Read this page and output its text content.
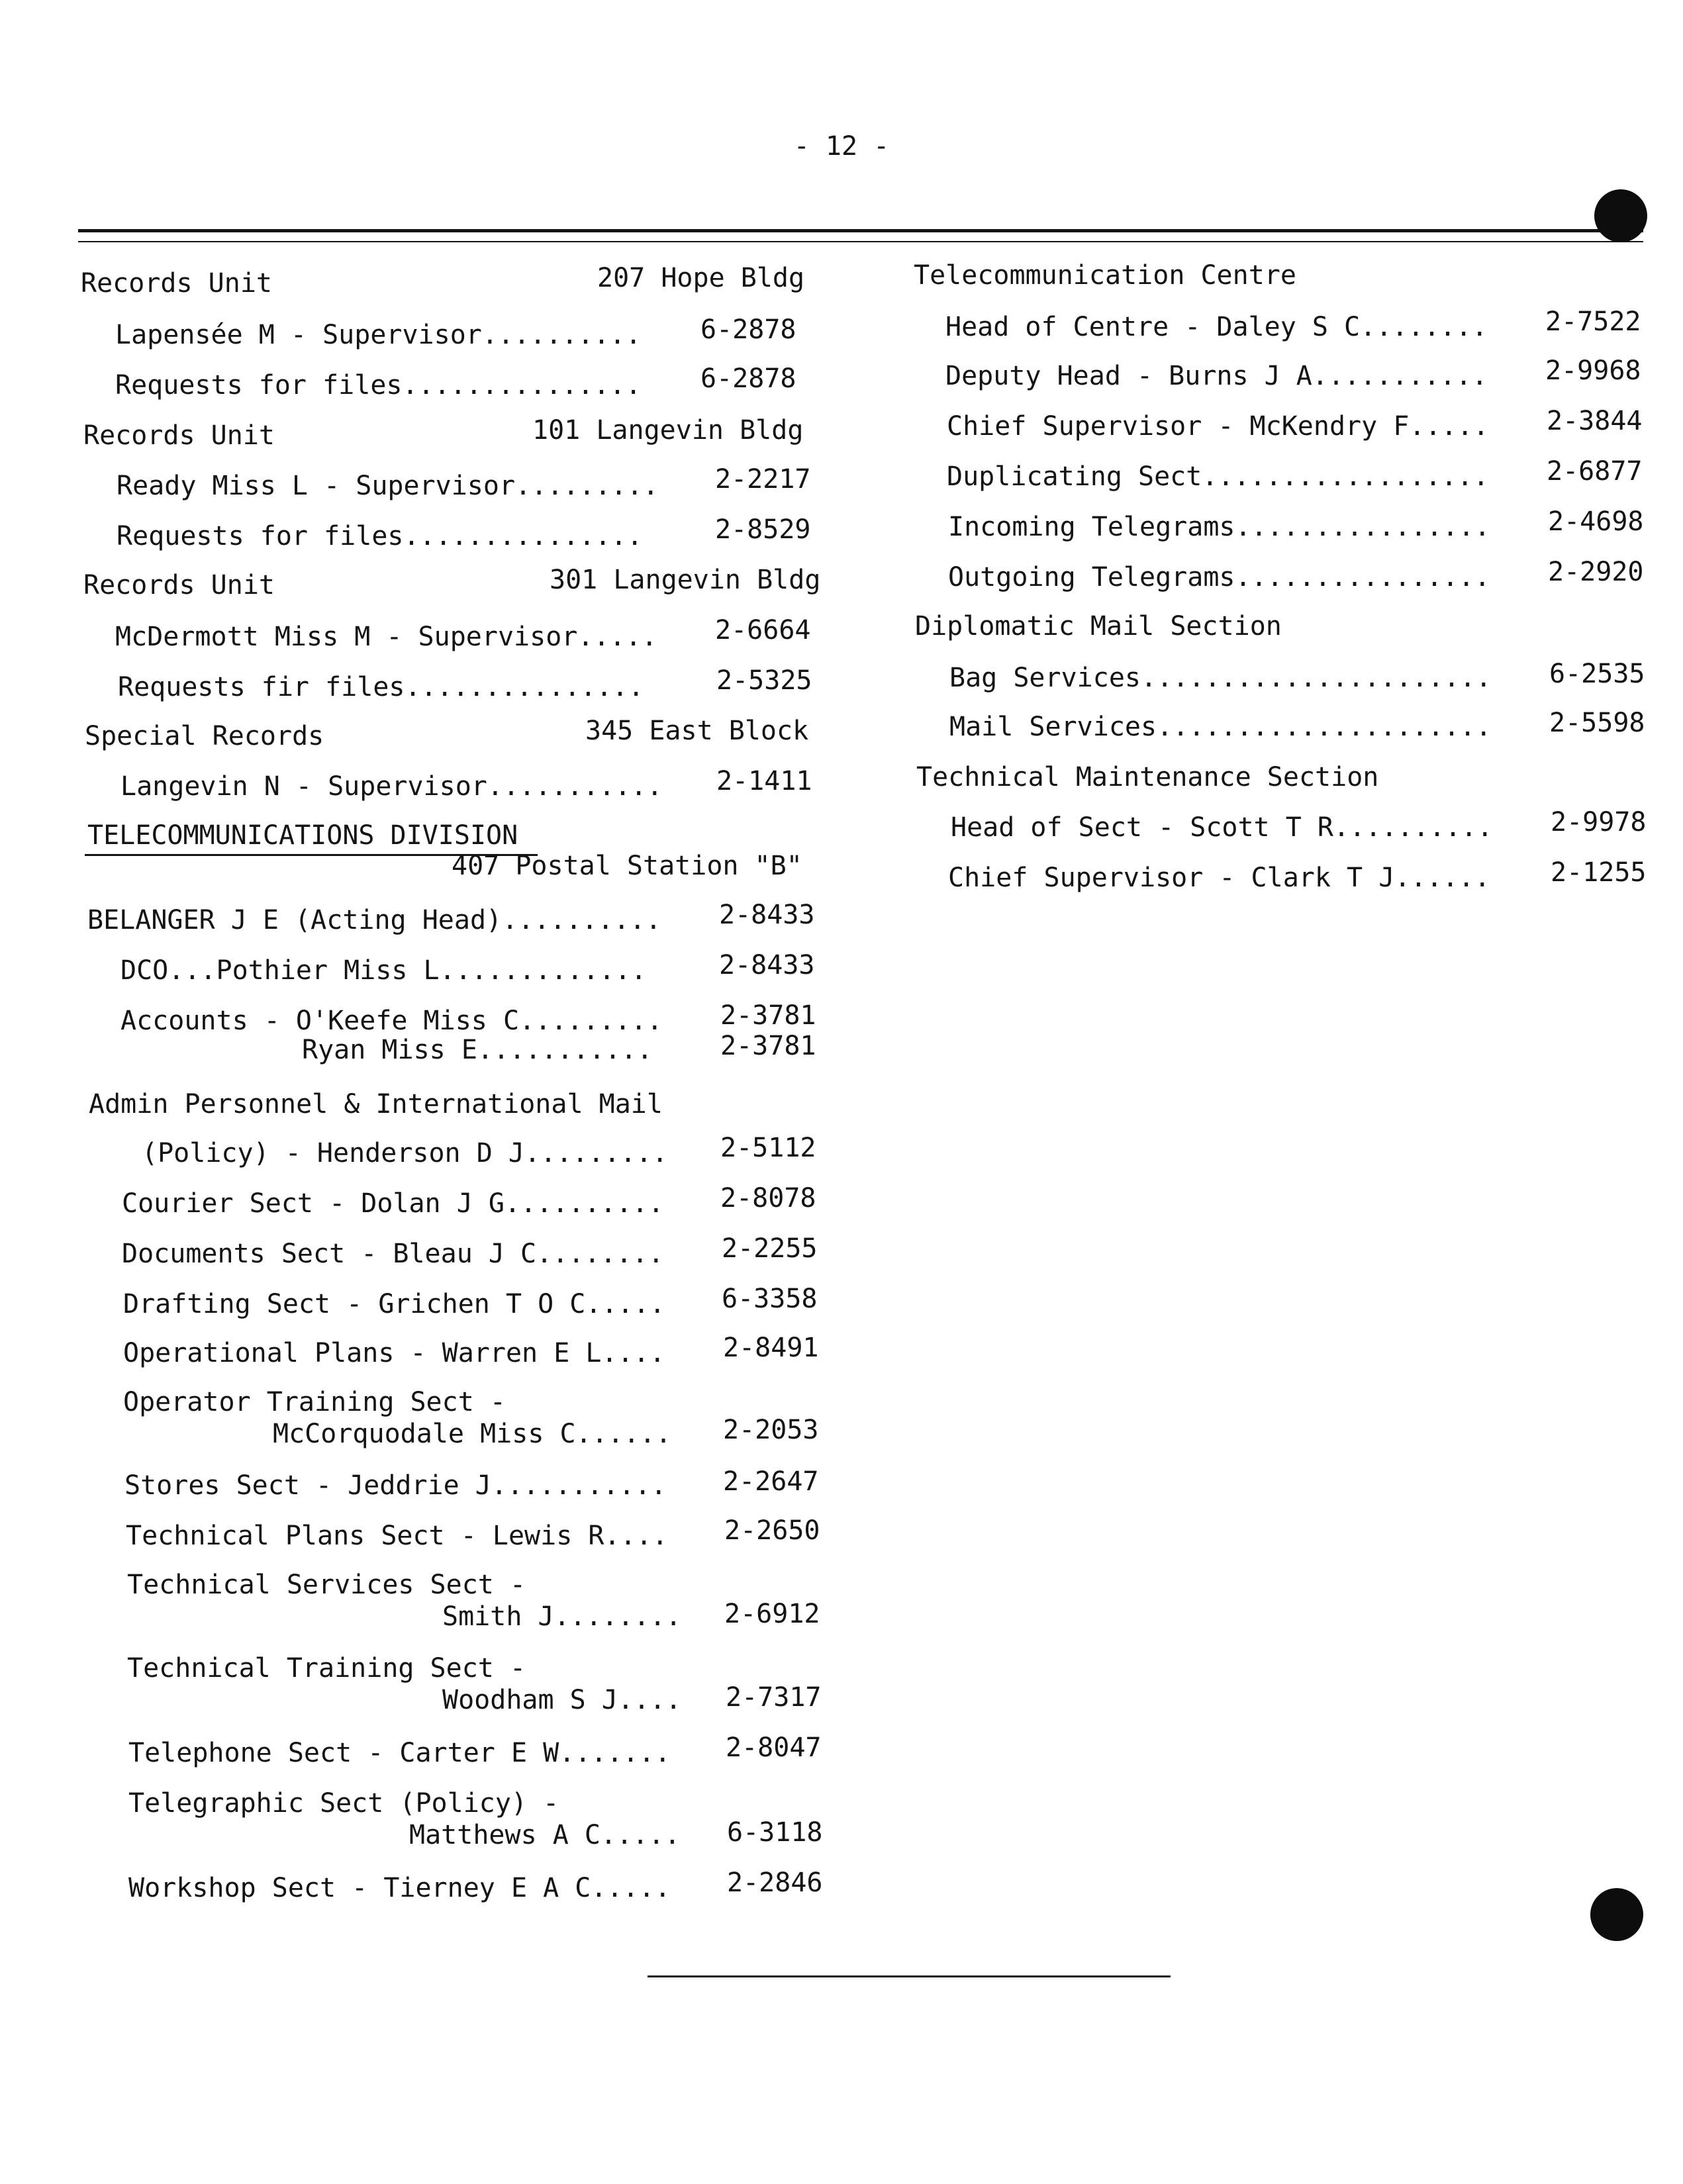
- 12 -
Records Unit	207 Hope Bldg
Lapensée M - Supervisor.......... 6-2878
Requests for files............... 6-2878
Records Unit	101 Langevin Bldg
Ready Miss L - Supervisor......... 2-2217
Requests for files...............	2-8529
Records Unit	301 Langevin Bldg
McDermott Miss M - Supervisor..... 2-6664
Requests fir files...............	2-5325
Special Records	345 East Block
Langevin N - Supervisor........... 2-1411
TELECOMMUNICATIONS DIVISION
407 Postal Station "B"
BELANGER J E (Acting Head).......... 2-8433
DCO...Pothier Miss L.............	2-8433
Accounts - O'Keefe Miss C......... 2-3781
Ryan Miss E...........	2-3781
Admin Personnel & International Mail
(Policy) - Henderson D J......... 2-5112
Courier Sect - Dolan J G.......... 2-8078
Documents Sect - Bleau J C........ 2-2255
Drafting Sect - Grichen T O C..... 6-3358
Operational Plans - Warren E L.... 2-8491
Operator Training Sect -
McCorquodale Miss C...... 2-2053
Stores Sect - Jeddrie J........... 2-2647
Technical Plans Sect - Lewis R.... 2-2650
Technical Services Sect -
Smith J........ 2-6912
Technical Training Sect -
Woodham S J.... 2-7317
Telephone Sect - Carter E W....... 2-8047
Telegraphic Sect (Policy) -
Matthews A C..... 6-3118
Workshop Sect - Tierney E A C..... 2-2846
Telecommunication Centre
Head of Centre - Daley S C........ 2-7522
Deputy Head - Burns J A........... 2-9968
Chief Supervisor - McKendry F..... 2-3844
Duplicating Sect.................. 2-6877
Incoming Telegrams................ 2-4698
Outgoing Telegrams................ 2-2920
Diplomatic Mail Section
Bag Services...................... 6-2535
Mail Services..................... 2-5598
Technical Maintenance Section
Head of Sect - Scott T R.......... 2-9978
Chief Supervisor - Clark T J...... 2-1255
